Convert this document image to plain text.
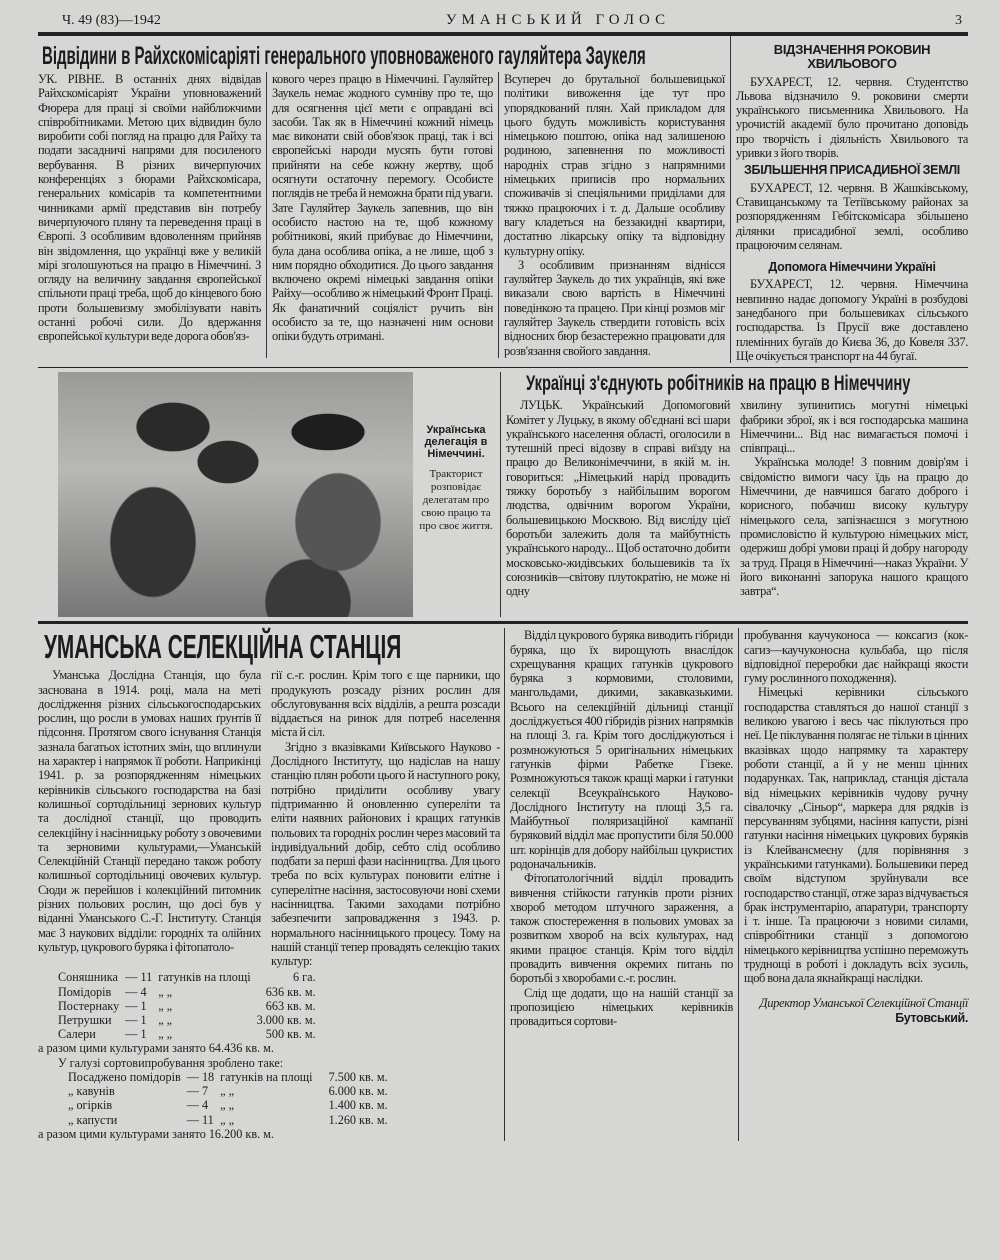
Ч. 49 (83)—1942	УМАНСЬКИЙ ГОЛОС	3
Відвідини в Райхскомісаріяті генерального уповноваженого гауляйтера Заукеля

УК. РІВНЕ. В останніх днях відвідав Райхскомісаріят України уповноважений Фюрера для праці зі своїми найближчими співробітниками. Метою цих відвидин було виробити собі погляд на працю для Райху та подати засадничі напрями для посиленого вербування. В різних вичерпуючих конференціях з бюрами Райхскомісара, генеральних комісарів та компетентними чинниками армії представив він потребу вичерпуючого пляну та переведення праці в Європі. З особливим вдоволенням прийняв він звідомлення, що українці вже у великій мірі зголошуються на працю в Німеччині. З огляду на величину завдання європейської спільноти праці треба, щоб до кінцевого бою проти большевизму змобілізувати навіть останні робочі сили. До вдержання європейської культури веде дорога обов'яз-

кового через працю в Німеччині. Гауляйтер Заукель немає жодного сумніву про те, що для осягнення цієї мети є оправдані всі засоби. Так як в Німеччині кожний німець має виконати свій обов'язок праці, так і всі європейські народи мусять бути готові прийняти на себе кожну жертву, щоб осягнути остаточну перемогу. Особисте поглядів не треба й неможна брати під уваги. Зате Гауляйтер Заукель запевнив, що він особисто настою на те, щоб кожному робітникові, який прибуває до Німеччини, була дана особлива опіка, а не лише, щоб з ним порядно обходитися. До цього завдання включено окремі німецькі завдання опіки Райху—особливо ж німецький Фронт Праці. Як фанатичний соціяліст ручить він особисто за те, що назначені ним основи опіки будуть отримані.

Всупереч до брутальної большевицької політики вивоження іде тут про упорядкований плян. Хай прикладом для цього будуть можливість користування німецькою поштою, опіка над залишеною родиною, запевнення по можливості народніх страв згідно з напрямними німецьких приписів про нормальних споживачів зі спеціяльними приділами для тяжко працюючих і т. д. Дальше особливу вагу кладеться на беззакидні квартири, достатню лікарську опіку та відповідну культурну опіку.

З особливим признанням віднісся гауляйтер Заукель до тих українців, які вже виказали свою вартість в Німеччині поведінкою та працею. При кінці розмов міг гауляйтер Заукель ствердити готовість всіх відносних бюр безастережно працювати для розв'язання свойого завдання.

ВІДЗНАЧЕННЯ РОКОВИН ХВИЛЬОВОГО

БУХАРЕСТ, 12. червня. Студентство Львова відзначило 9. роковини смерти українського письменника Хвильового. На урочистій академії було прочитано доповідь про творчість і діяльність Хвильового та уривки з його творів.

ЗБІЛЬШЕННЯ ПРИСАДИБНОЇ ЗЕМЛІ

БУХАРЕСТ, 12. червня. В Жашківському, Ставищанському та Тетіївському районах за розпорядженням Гебітскомісара збільшено ділянки присадибної землі, особливо працюючим селянам.

Допомога Німеччини Україні

БУХАРЕСТ, 12. червня. Німеччина невпинно надає допомогу Україні в розбудові занедбаного при большевиках сільського господарства. Із Прусії вже доставлено племінних бугаїв до Києва 36, до Ковеля 337. Ще очікується транспорт на 44 бугаї.

Українська делегація в Німеччині.
Тракторист розповідає делегатам про свою працю та про своє життя.
Українці з'єднують робітників на працю в Німеччину

ЛУЦЬК. Український Допомоговий Комітет у Луцьку, в якому об'єднані всі шари українського населення області, оголосили в тутешній пресі відозву в справі виїзду на працю до Великонімеччини, в якій м. ін. говориться: „Німецький нарід провадить тяжку боротьбу з найбільшим ворогом людства, одвічним ворогом України, большевицькою Москвою. Від висліду цієї боротьби залежить доля та майбутність українського народу... Щоб остаточно добити московсько-жидівських большевиків та їх союзників—світову плутократію, не може ні одну

хвилину зупинитись могутні німецькі фабрики зброї, як і вся господарська машина Німеччини... Від нас вимагається помочі і співпраці...

Українська молоде! З повним довір'ям і свідомістю вимоги часу їдь на працю до Німеччини, де навчишся багато доброго і корисного, побачиш високу культуру німецького села, запізнаєшся з могутною промисловістю й культурою німецьких міст, одержиш добрі умови праці й добру нагороду за труд. Праця в Німеччині—наказ України. У його виконанні запорука нашого кращого завтра“.

УМАНСЬКА СЕЛЕКЦІЙНА СТАНЦІЯ

Уманська Дослідна Станція, що була заснована в 1914. році, мала на меті дослідження різних сільськогосподарських рослин, що росли в умовах наших ґрунтів її підсоння. Протягом свого існування Станція зазнала багатьох істотних змін, що вплинули на характер і напрямок її роботи. Наприкінці 1941. р. за розпорядженням німецьких керівників сільського господарства на базі колишньої сортодільниці зернових культур та дослідної станції, що проводить селекційну і насінницьку роботу з овочевими та зерновими культурами,—Уманській Селекційній Станції передано також роботу колишньої сортодільниці овочевих культур. Сюди ж перейшов і колекційний питомник різних польових рослин, що досі був у віданні Уманського С.-Г. Інституту. Станція має 3 наукових відділи: городніх та олійних культур, цукрового буряка і фітопатоло-

гії с.-г. рослин. Крім того є ще парники, що продукують розсаду різних рослин для обслуговування всіх відділів, а решта розсади віддається на ринок для потреб населення міста й сіл.

Згідно з вказівками Київського Науково - Дослідного Інституту, що надіслав на нашу станцію плян роботи цього й наступного року, потрібно приділити особливу увагу підтриманню й оновленню супереліти та еліти наявних районових і кращих гатунків польових та городніх рослин через масовий та індивідуальний добір, себто слід особливо подбати за перші фази насінництва. Для цього треба по всіх культурах поновити елітне і суперелітне насіння, застосовуючи нові схеми насінництва. Такими заходами потрібно забезпечити запровадження з 1943. р. нормального насінницького процесу. Тому на нашій станції тепер провадять селекцію таких культур:

Соняшника	— 11	гатунків на площі	6 га.
Помідорів	— 4	„ „	636 кв. м.
Постернаку	— 1	„ „	663 кв. м.
Петрушки	— 1	„ „	3.000 кв. м.
Салери	— 1	„ „	500 кв. м.
а разом цими культурами занято 64.436 кв. м.
У галузі сортовипробування зроблено таке:
Посаджено помідорів	— 18	гатунків на площі	7.500 кв. м.
„ кавунів	— 7	„ „	6.000 кв. м.
„ огірків	— 4	„ „	1.400 кв. м.
„ капусти	— 11	„ „	1.260 кв. м.
а разом цими культурами занято 16.200 кв. м.

Відділ цукрового буряка виводить гібриди буряка, що їх вирощують внаслідок схрещування кращих гатунків цукрового буряка з кормовими, столовими, мангольдами, дикими, закавказькими. Всього на селекційній дільниці станції досліджується 400 гібридів різних напрямків на площі 3. га. Крім того досліджуються і розмножуються 5 оригінальних німецьких гатунків фірми Рабетке Гізеке. Розмножуються також кращі марки і гатунки селекції Всеукраїнського Науково-Дослідного Інституту на площі 3,5 га. Майбутньої поляризаційної кампанії буряковий відділ має пропустити біля 50.000 шт. корінців для добору найбільш цукристих родоначальників.

Фітопатологічний відділ провадить вивчення стійкости гатунків проти різних хвороб методом штучного зараження, а також спостереження в польових умовах за розвитком хвороб на всіх культурах, над якими працює станція. Крім того відділ провадить вивчення окремих питань по боротьбі з хворобами с.-г. рослин.

Слід ще додати, що на нашій станції за пропозицією німецьких керівників провадиться сортови-

пробування каучуконоса — коксагиз (кок-сагиз—каучуконосна кульбаба, що після відповідної переробки дає найкращі якости гуму рослинного походження).

Німецькі керівники сільського господарства ставляться до нашої станції з великою увагою і весь час піклуються про неї. Це піклування полягає не тільки в цінних вказівках щодо напрямку та характеру роботи станції, а й у не менш цінних подарунках. Так, наприклад, станція дістала від німецьких керівників чудову ручну сівалочку „Сіньор“, маркера для рядків із персуванням зубцями, насіння капусти, різні гатунки насіння німецьких цукрових буряків із Клейвансмеєну (для порівняння з українськими гатунками). Большевики перед своїм відступом зруйнували все господарство станції, отже зараз відчувається брак інструментарію, апаратури, транспорту і т. інше. Та працюючи з новими силами, співробітники станції з допомогою німецького керівництва успішно переможуть труднощі в роботі і докладуть всіх зусиль, щоб вона дала якнайкращі наслідки.

Директор Уманської Селекційної Станції Бутовський.
